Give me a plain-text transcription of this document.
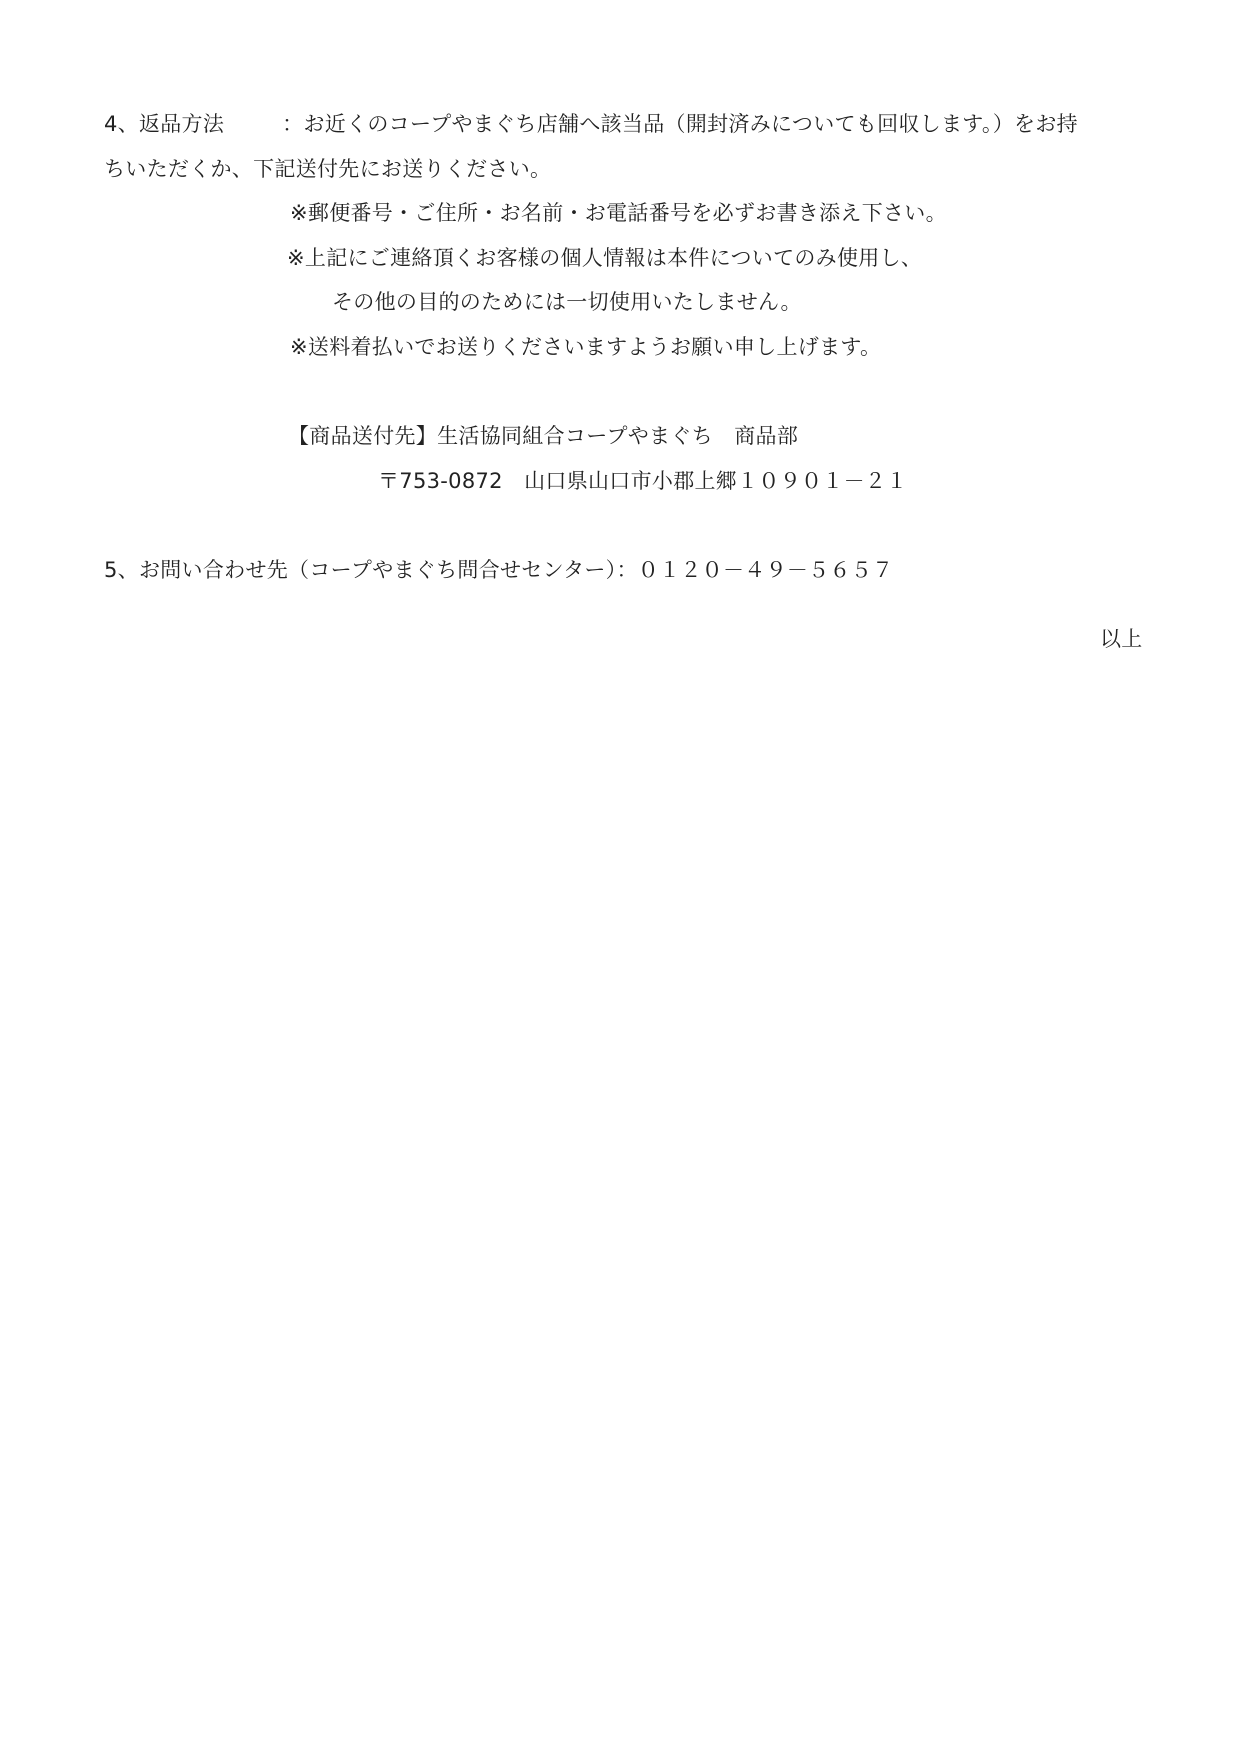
4、返品方法	：お近くのコープやまぐち店舗へ該当品（開封済みについても回収します。）をお持
ちいただくか、下記送付先にお送りください。
※郵便番号・ご住所・お名前・お電話番号を必ずお書き添え下さい。
※上記にご連絡頂くお客様の個人情報は本件についてのみ使用し、
その他の目的のためには一切使用いたしません。
※送料着払いでお送りくださいますようお願い申し上げます。
【商品送付先】生活協同組合コープやまぐち　商品部
〒753-0872　山口県山口市小郡上郷１０９０１－２１
5、お問い合わせ先（コープやまぐち問合せセンター）：０１２０－４９－５６５７
以上
